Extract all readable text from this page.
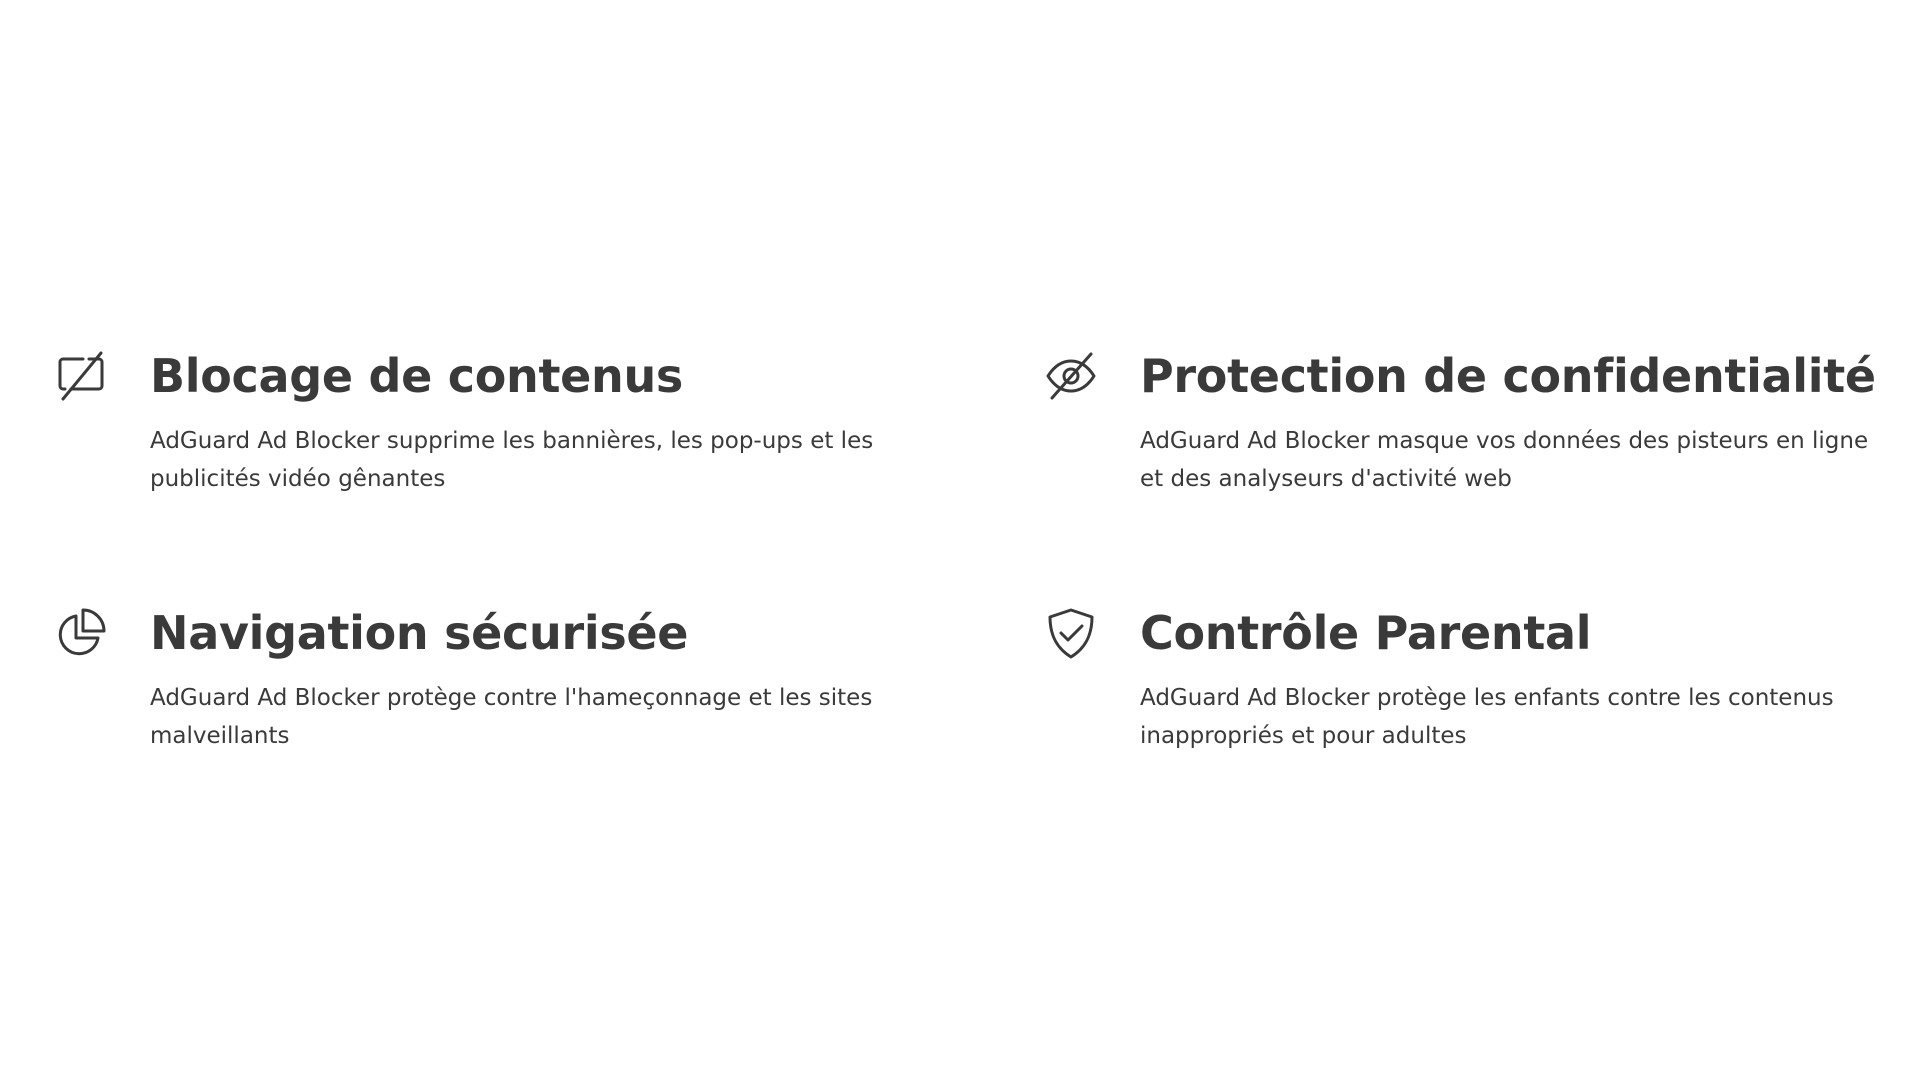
Blocage de contenus

AdGuard Ad Blocker supprime les bannières, les pop-ups et les publicités vidéo gênantes

Protection de confidentialité

AdGuard Ad Blocker masque vos données des pisteurs en ligne et des analyseurs d'activité web

Navigation sécurisée

AdGuard Ad Blocker protège contre l'hameçonnage et les sites malveillants

Contrôle Parental

AdGuard Ad Blocker protège les enfants contre les contenus inappropriés et pour adultes
